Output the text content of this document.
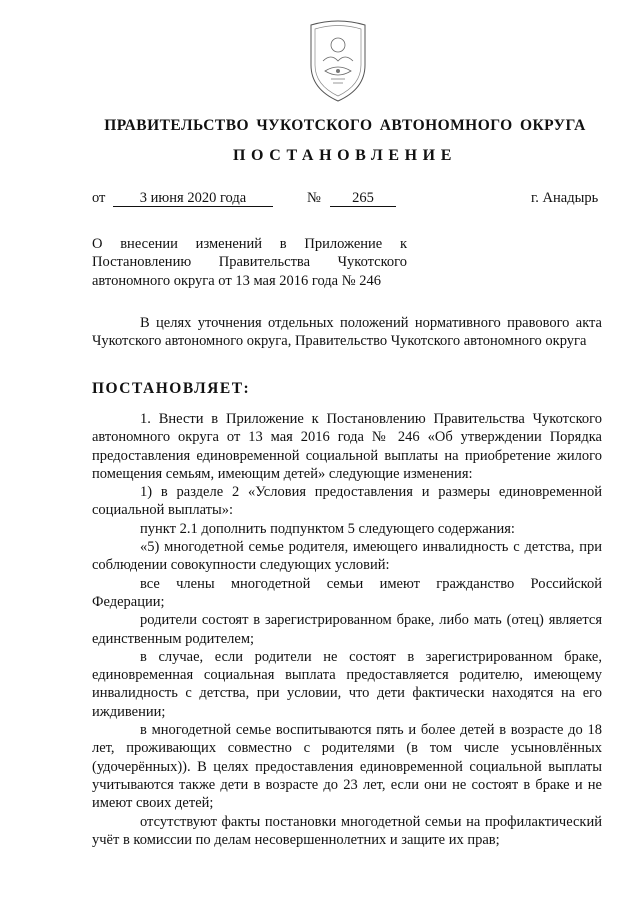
ПРАВИТЕЛЬСТВО ЧУКОТСКОГО АВТОНОМНОГО ОКРУГА
ПОСТАНОВЛЕНИЕ
от	3 июня 2020 года	№	265	г. Анадырь
О внесении изменений в Приложение к
Постановлению Правительства Чукотского
автономного округа от 13 мая 2016 года № 246

В целях уточнения отдельных положений нормативного правового акта Чукотского автономного округа, Правительство Чукотского автономного округа

ПОСТАНОВЛЯЕТ:

1. Внести в Приложение к Постановлению Правительства Чукотского автономного округа от 13 мая 2016 года № 246 «Об утверждении Порядка предоставления единовременной социальной выплаты на приобретение жилого помещения семьям, имеющим детей» следующие изменения:

1) в разделе 2 «Условия предоставления и размеры единовременной социальной выплаты»:

пункт 2.1 дополнить подпунктом 5 следующего содержания:

«5) многодетной семье родителя, имеющего инвалидность с детства, при соблюдении совокупности следующих условий:

все члены многодетной семьи имеют гражданство Российской Федерации;

родители состоят в зарегистрированном браке, либо мать (отец) является единственным родителем;

в случае, если родители не состоят в зарегистрированном браке, единовременная социальная выплата предоставляется родителю, имеющему инвалидность с детства, при условии, что дети фактически находятся на его иждивении;

в многодетной семье воспитываются пять и более детей в возрасте до 18 лет, проживающих совместно с родителями (в том числе усыновлённых (удочерённых)). В целях предоставления единовременной социальной выплаты учитываются также дети в возрасте до 23 лет, если они не состоят в браке и не имеют своих детей;

отсутствуют факты постановки многодетной семьи на профилактический учёт в комиссии по делам несовершеннолетних и защите их прав;
